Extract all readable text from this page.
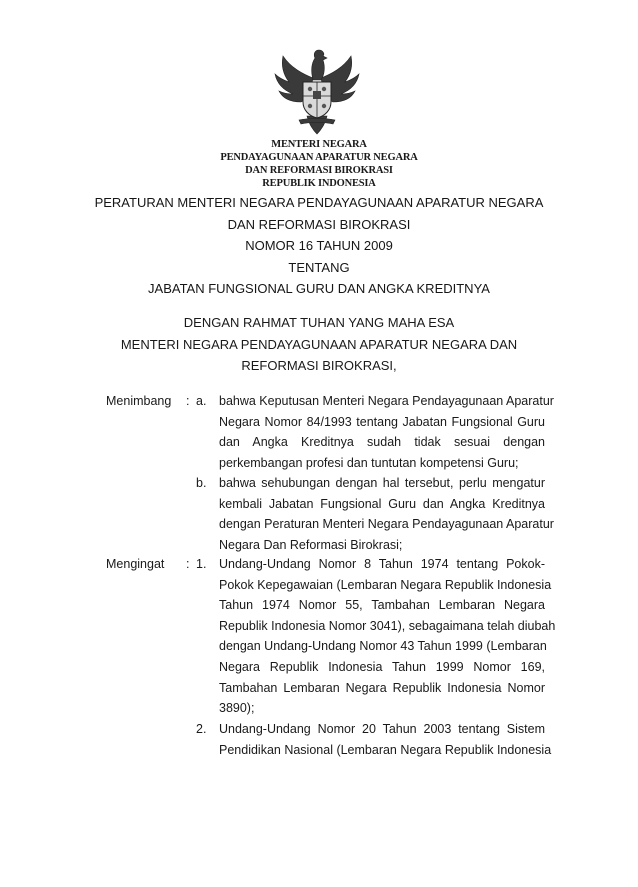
MENTERI NEGARA
PENDAYAGUNAAN APARATUR NEGARA
DAN REFORMASI BIROKRASI
REPUBLIK INDONESIA
PERATURAN MENTERI NEGARA PENDAYAGUNAAN APARATUR NEGARA
DAN REFORMASI BIROKRASI
NOMOR 16 TAHUN 2009
TENTANG
JABATAN FUNGSIONAL GURU DAN ANGKA KREDITNYA
DENGAN RAHMAT TUHAN YANG MAHA ESA
MENTERI NEGARA PENDAYAGUNAAN APARATUR NEGARA DAN
REFORMASI BIROKRASI,
Menimbang : a. bahwa Keputusan Menteri Negara Pendayagunaan Aparatur
Negara Nomor 84/1993 tentang Jabatan Fungsional Guru
dan Angka Kreditnya sudah tidak sesuai dengan
perkembangan profesi dan tuntutan kompetensi Guru;
b. bahwa sehubungan dengan hal tersebut, perlu mengatur
kembali Jabatan Fungsional Guru dan Angka Kreditnya
dengan Peraturan Menteri Negara Pendayagunaan Aparatur
Negara Dan Reformasi Birokrasi;
Mengingat : 1. Undang-Undang Nomor 8 Tahun 1974 tentang Pokok-
Pokok Kepegawaian (Lembaran Negara Republik Indonesia
Tahun 1974 Nomor 55, Tambahan Lembaran Negara
Republik Indonesia Nomor 3041), sebagaimana telah diubah
dengan Undang-Undang Nomor 43 Tahun 1999 (Lembaran
Negara Republik Indonesia Tahun 1999 Nomor 169,
Tambahan Lembaran Negara Republik Indonesia Nomor
3890);
2. Undang-Undang Nomor 20 Tahun 2003 tentang Sistem
Pendidikan Nasional (Lembaran Negara Republik Indonesia
